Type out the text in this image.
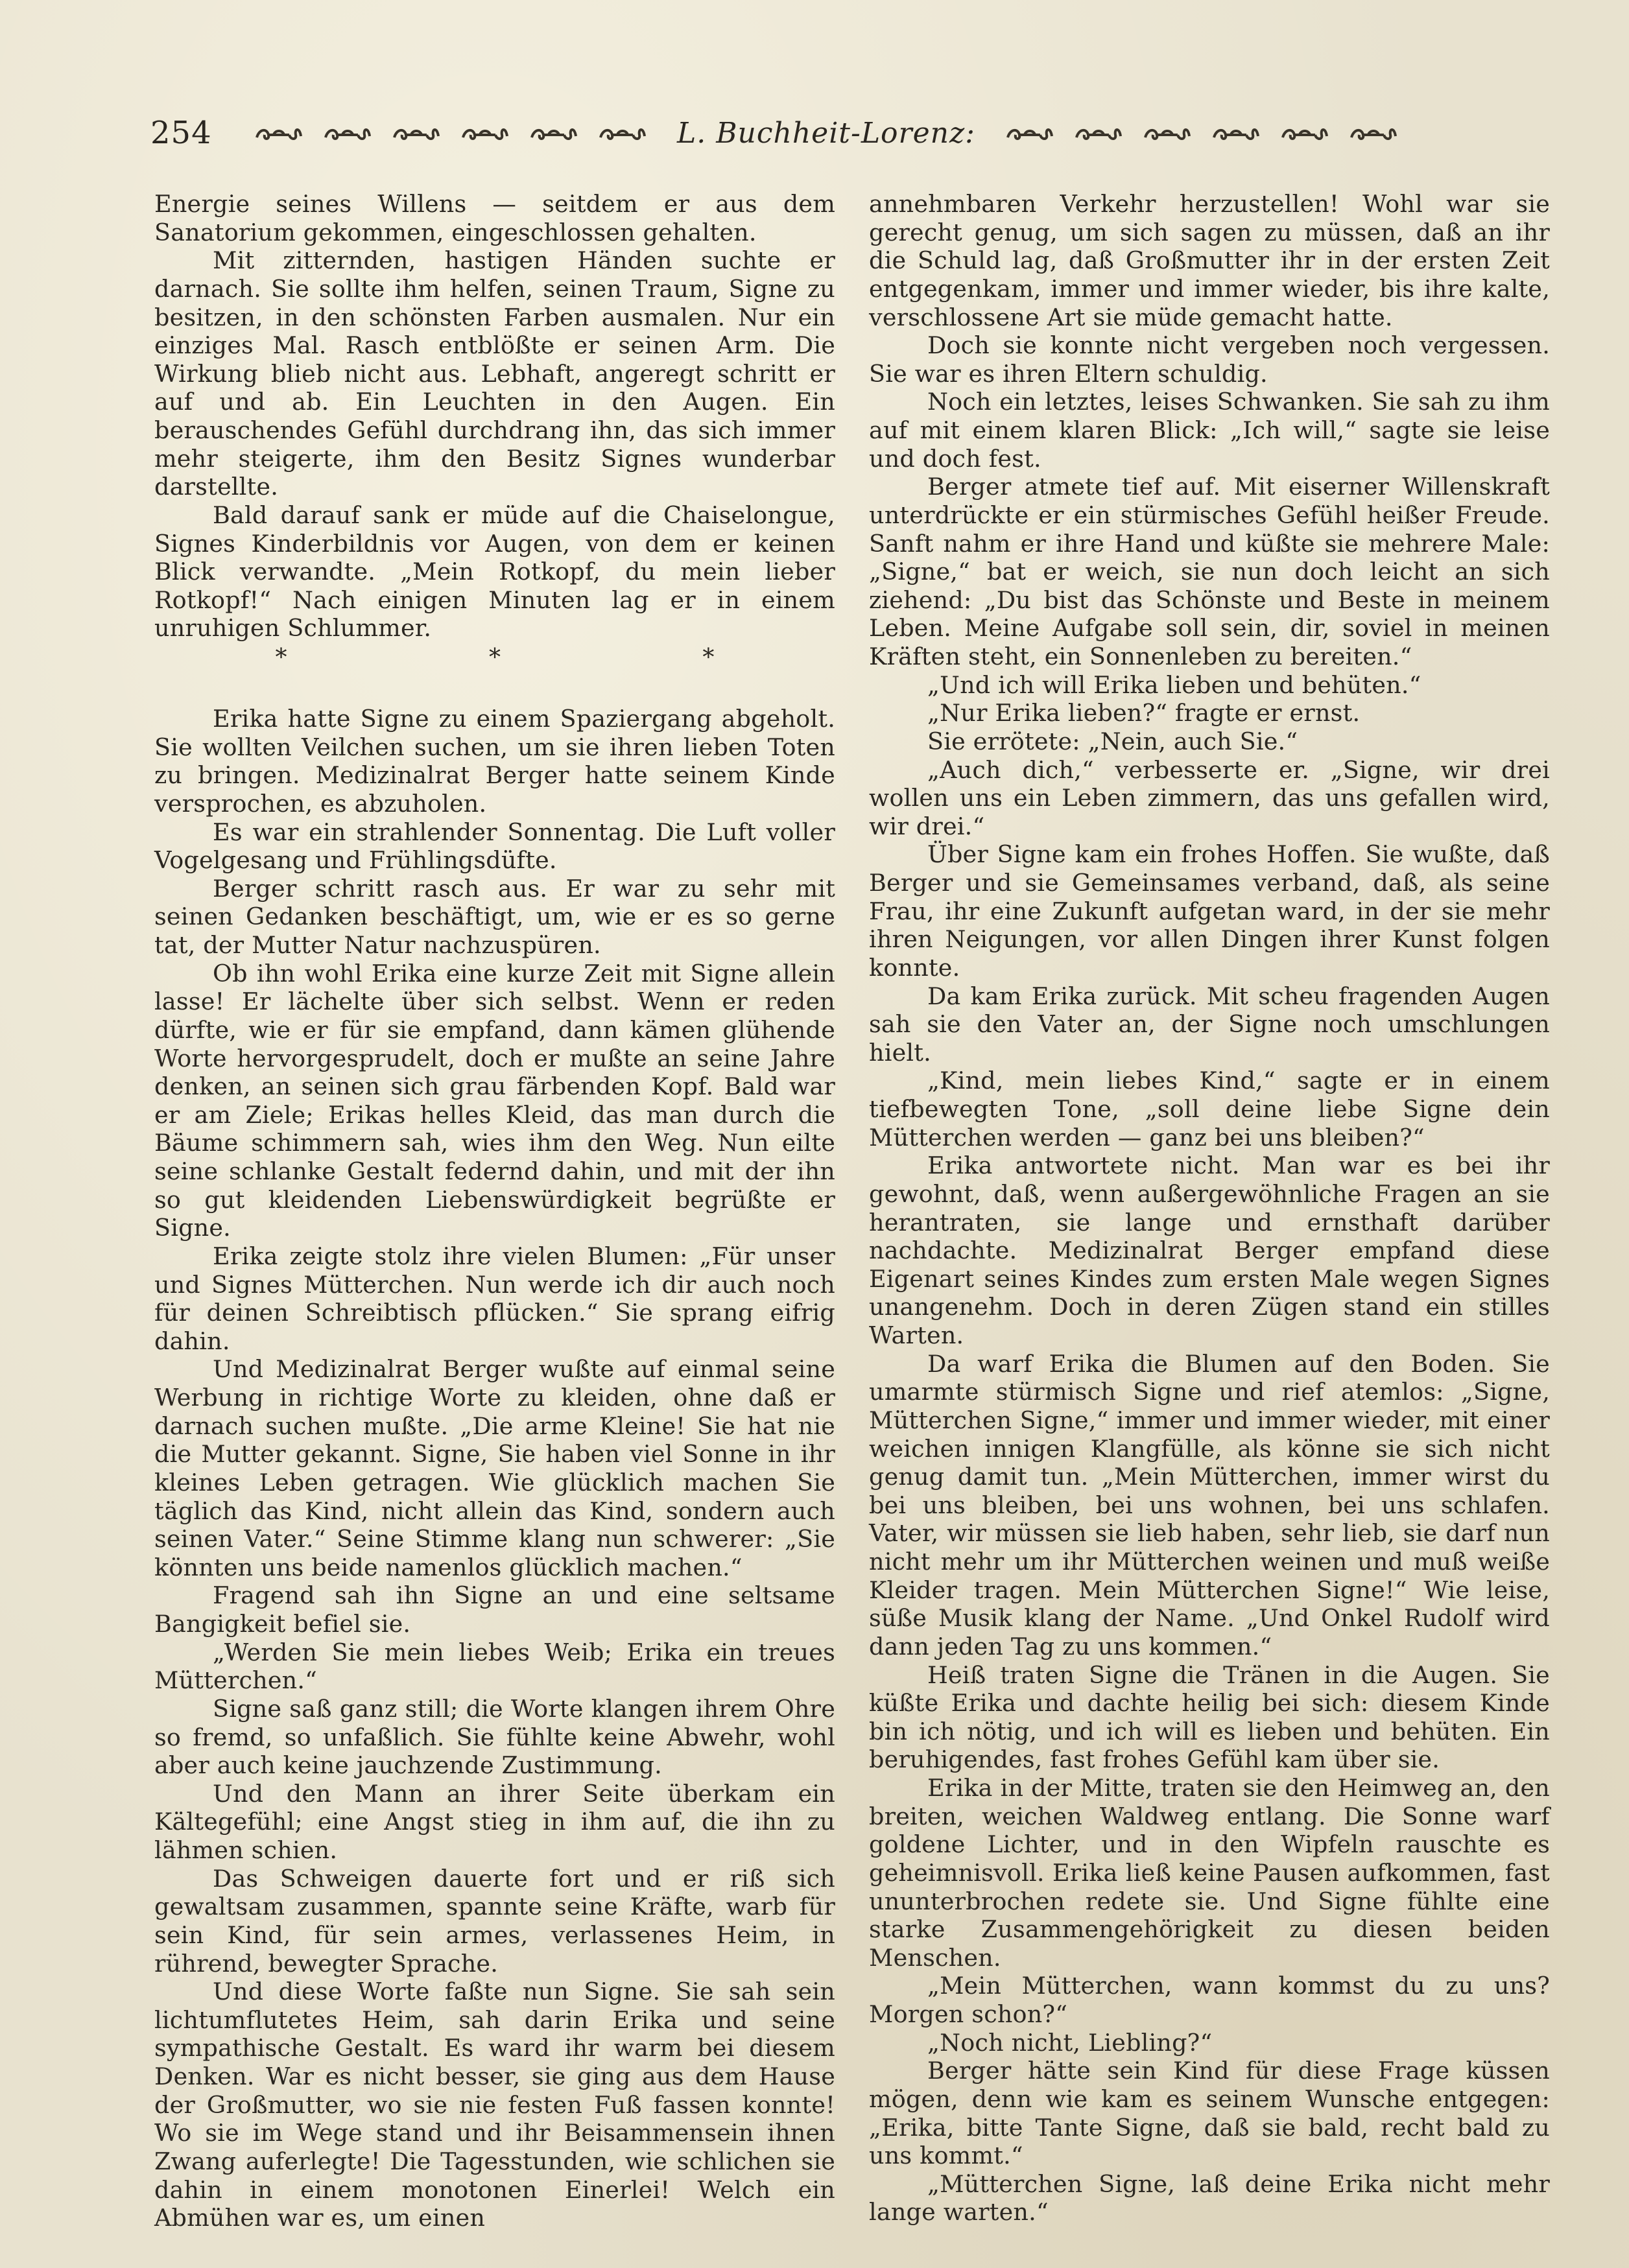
254	L. Buchheit-Lorenz:

Energie seines Willens — seitdem er aus dem Sanatorium gekommen, eingeschlossen gehalten.

Mit zitternden, hastigen Händen suchte er darnach. Sie sollte ihm helfen, seinen Traum, Signe zu besitzen, in den schönsten Farben ausmalen. Nur ein einziges Mal. Rasch entblößte er seinen Arm. Die Wirkung blieb nicht aus. Lebhaft, angeregt schritt er auf und ab. Ein Leuchten in den Augen. Ein berauschendes Gefühl durchdrang ihn, das sich immer mehr steigerte, ihm den Besitz Signes wunderbar darstellte.

Bald darauf sank er müde auf die Chaiselongue, Signes Kinderbildnis vor Augen, von dem er keinen Blick verwandte. „Mein Rotkopf, du mein lieber Rotkopf!“ Nach einigen Minuten lag er in einem unruhigen Schlummer.

* * *

Erika hatte Signe zu einem Spaziergang abgeholt. Sie wollten Veilchen suchen, um sie ihren lieben Toten zu bringen. Medizinalrat Berger hatte seinem Kinde versprochen, es abzuholen.

Es war ein strahlender Sonnentag. Die Luft voller Vogelgesang und Frühlingsdüfte.

Berger schritt rasch aus. Er war zu sehr mit seinen Gedanken beschäftigt, um, wie er es so gerne tat, der Mutter Natur nachzuspüren.

Ob ihn wohl Erika eine kurze Zeit mit Signe allein lasse! Er lächelte über sich selbst. Wenn er reden dürfte, wie er für sie empfand, dann kämen glühende Worte hervorgesprudelt, doch er mußte an seine Jahre denken, an seinen sich grau färbenden Kopf. Bald war er am Ziele; Erikas helles Kleid, das man durch die Bäume schimmern sah, wies ihm den Weg. Nun eilte seine schlanke Gestalt federnd dahin, und mit der ihn so gut kleidenden Liebenswürdigkeit begrüßte er Signe.

Erika zeigte stolz ihre vielen Blumen: „Für unser und Signes Mütterchen. Nun werde ich dir auch noch für deinen Schreibtisch pflücken.“ Sie sprang eifrig dahin.

Und Medizinalrat Berger wußte auf einmal seine Werbung in richtige Worte zu kleiden, ohne daß er darnach suchen mußte. „Die arme Kleine! Sie hat nie die Mutter gekannt. Signe, Sie haben viel Sonne in ihr kleines Leben getragen. Wie glücklich machen Sie täglich das Kind, nicht allein das Kind, sondern auch seinen Vater.“ Seine Stimme klang nun schwerer: „Sie könnten uns beide namenlos glücklich machen.“

Fragend sah ihn Signe an und eine seltsame Bangigkeit befiel sie.

„Werden Sie mein liebes Weib; Erika ein treues Mütterchen.“

Signe saß ganz still; die Worte klangen ihrem Ohre so fremd, so unfaßlich. Sie fühlte keine Abwehr, wohl aber auch keine jauchzende Zustimmung.

Und den Mann an ihrer Seite überkam ein Kältegefühl; eine Angst stieg in ihm auf, die ihn zu lähmen schien.

Das Schweigen dauerte fort und er riß sich gewaltsam zusammen, spannte seine Kräfte, warb für sein Kind, für sein armes, verlassenes Heim, in rührend, bewegter Sprache.

Und diese Worte faßte nun Signe. Sie sah sein lichtumflutetes Heim, sah darin Erika und seine sympathische Gestalt. Es ward ihr warm bei diesem Denken. War es nicht besser, sie ging aus dem Hause der Großmutter, wo sie nie festen Fuß fassen konnte! Wo sie im Wege stand und ihr Beisammensein ihnen Zwang auferlegte! Die Tagesstunden, wie schlichen sie dahin in einem monotonen Einerlei! Welch ein Abmühen war es, um einen

annehmbaren Verkehr herzustellen! Wohl war sie gerecht genug, um sich sagen zu müssen, daß an ihr die Schuld lag, daß Großmutter ihr in der ersten Zeit entgegenkam, immer und immer wieder, bis ihre kalte, verschlossene Art sie müde gemacht hatte.

Doch sie konnte nicht vergeben noch vergessen. Sie war es ihren Eltern schuldig.

Noch ein letztes, leises Schwanken. Sie sah zu ihm auf mit einem klaren Blick: „Ich will,“ sagte sie leise und doch fest.

Berger atmete tief auf. Mit eiserner Willenskraft unterdrückte er ein stürmisches Gefühl heißer Freude. Sanft nahm er ihre Hand und küßte sie mehrere Male: „Signe,“ bat er weich, sie nun doch leicht an sich ziehend: „Du bist das Schönste und Beste in meinem Leben. Meine Aufgabe soll sein, dir, soviel in meinen Kräften steht, ein Sonnenleben zu bereiten.“

„Und ich will Erika lieben und behüten.“

„Nur Erika lieben?“ fragte er ernst.

Sie errötete: „Nein, auch Sie.“

„Auch dich,“ verbesserte er. „Signe, wir drei wollen uns ein Leben zimmern, das uns gefallen wird, wir drei.“

Über Signe kam ein frohes Hoffen. Sie wußte, daß Berger und sie Gemeinsames verband, daß, als seine Frau, ihr eine Zukunft aufgetan ward, in der sie mehr ihren Neigungen, vor allen Dingen ihrer Kunst folgen konnte.

Da kam Erika zurück. Mit scheu fragenden Augen sah sie den Vater an, der Signe noch umschlungen hielt.

„Kind, mein liebes Kind,“ sagte er in einem tiefbewegten Tone, „soll deine liebe Signe dein Mütterchen werden — ganz bei uns bleiben?“

Erika antwortete nicht. Man war es bei ihr gewohnt, daß, wenn außergewöhnliche Fragen an sie herantraten, sie lange und ernsthaft darüber nachdachte. Medizinalrat Berger empfand diese Eigenart seines Kindes zum ersten Male wegen Signes unangenehm. Doch in deren Zügen stand ein stilles Warten.

Da warf Erika die Blumen auf den Boden. Sie umarmte stürmisch Signe und rief atemlos: „Signe, Mütterchen Signe,“ immer und immer wieder, mit einer weichen innigen Klangfülle, als könne sie sich nicht genug damit tun. „Mein Mütterchen, immer wirst du bei uns bleiben, bei uns wohnen, bei uns schlafen. Vater, wir müssen sie lieb haben, sehr lieb, sie darf nun nicht mehr um ihr Mütterchen weinen und muß weiße Kleider tragen. Mein Mütterchen Signe!“ Wie leise, süße Musik klang der Name. „Und Onkel Rudolf wird dann jeden Tag zu uns kommen.“

Heiß traten Signe die Tränen in die Augen. Sie küßte Erika und dachte heilig bei sich: diesem Kinde bin ich nötig, und ich will es lieben und behüten. Ein beruhigendes, fast frohes Gefühl kam über sie.

Erika in der Mitte, traten sie den Heimweg an, den breiten, weichen Waldweg entlang. Die Sonne warf goldene Lichter, und in den Wipfeln rauschte es geheimnisvoll. Erika ließ keine Pausen aufkommen, fast ununterbrochen redete sie. Und Signe fühlte eine starke Zusammengehörigkeit zu diesen beiden Menschen.

„Mein Mütterchen, wann kommst du zu uns? Morgen schon?“

„Noch nicht, Liebling?“

Berger hätte sein Kind für diese Frage küssen mögen, denn wie kam es seinem Wunsche entgegen: „Erika, bitte Tante Signe, daß sie bald, recht bald zu uns kommt.“

„Mütterchen Signe, laß deine Erika nicht mehr lange warten.“
